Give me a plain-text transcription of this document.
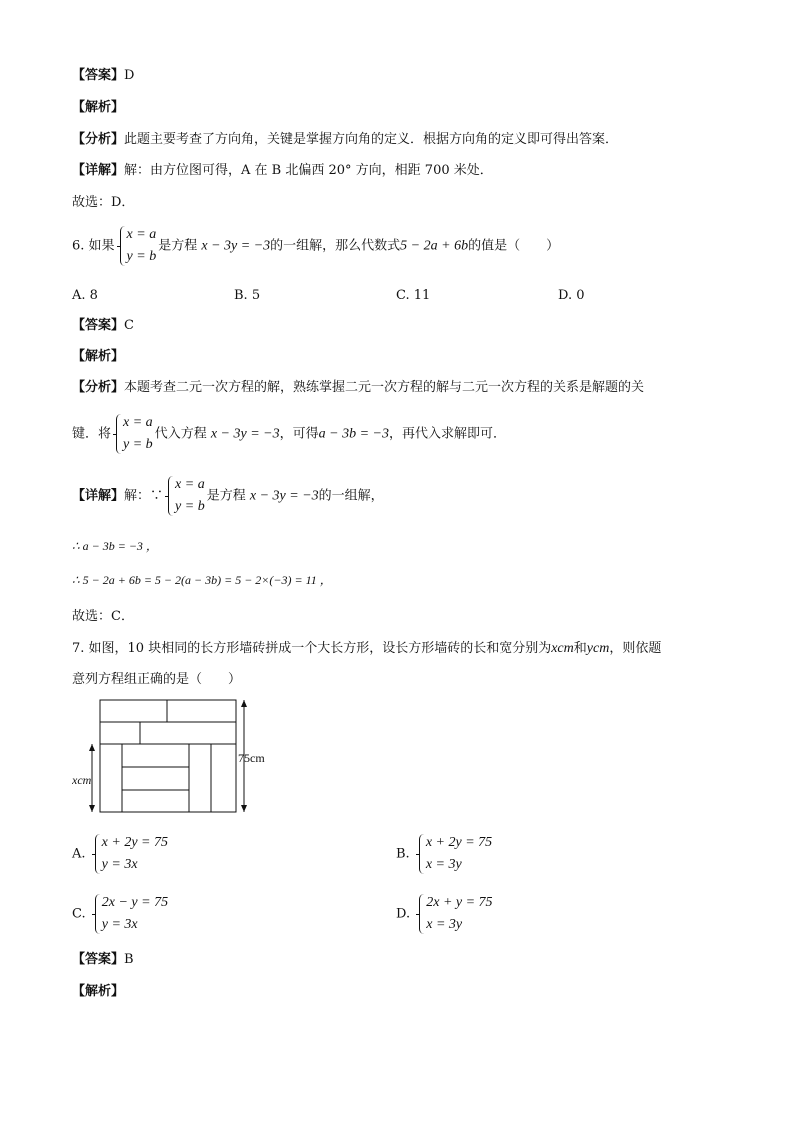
【答案】D
【解析】
【分析】此题主要考查了方向角，关键是掌握方向角的定义．根据方向角的定义即可得出答案．
【详解】解：由方位图可得，A 在 B 北偏西 20° 方向，相距 700 米处．
故选：D．
6. 如果
x = a
y = b
是方程 x − 3y = −3的一组解，那么代数式5 − 2a + 6b的值是（　　）
A. 8	B. 5	C. 11	D. 0
【答案】C
【解析】
【分析】本题考查二元一次方程的解，熟练掌握二元一次方程的解与二元一次方程的关系是解题的关
键．将
x = a
y = b
代入方程 x − 3y = −3，可得a − 3b = −3，再代入求解即可．
【详解】解：∵
x = a
y = b
是方程 x − 3y = −3的一组解，
∴ a − 3b = −3 ，
∴ 5 − 2a + 6b = 5 − 2(a − 3b) = 5 − 2×(−3) = 11 ，
故选：C．
7. 如图，10 块相同的长方形墙砖拼成一个大长方形，设长方形墙砖的长和宽分别为xcm和ycm，则依题
意列方程组正确的是（　　）
75cm
xcm
A.
x + 2y = 75
y = 3x
B.
x + 2y = 75
x = 3y
C.
2x − y = 75
y = 3x
D.
2x + y = 75
x = 3y
【答案】B
【解析】
